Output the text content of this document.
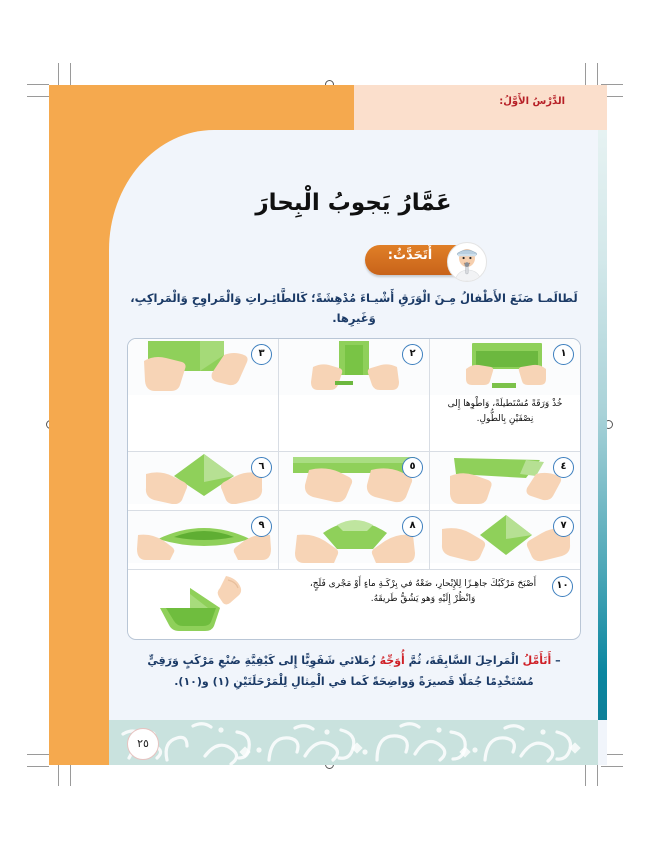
الدَّرْسُ الأَوَّلُ:
عَمَّارُ يَجوبُ الْبِحارَ
أَتَحَدَّثُ:
لَطالَمـا صَنَعَ الأَطْفالُ مِـنَ الْوَرَقِ أَشْيـاءَ مُدْهِشَةً؛ كَالطَّائِـراتِ وَالْمَراوِحِ وَالْمَراكِبِ، وَغَيرِها.
١
خُذْ وَرَقَةً مُسْتَطيلَةً، وَاطْوِها إِلى نِصْفَيْنِ بِالطُّولِ.
٢
٣
٤
٥
٦
٧
٨
٩
١٠
أَصْبَحَ مَرْكَبُكَ جاهِـزًا لِلإِبْحارِ، ضَعْهُ في بِرْكَـةِ ماءٍ أَوْ مَجْرى فَلَجٍ، وَانْظُرْ إِلَيْهِ وَهو يَشُقُّ طَريقَهُ.
– أَتَأَمَّلُ الْمَراحِلَ السَّابِقَةَ، ثُمَّ أُوَجِّهُ زُمَلائي شَفَوِيًّا إِلى كَيْفِيَّةِ صُنْعِ مَرْكَبٍ وَرَقِيٍّ مُسْتَخْدِمًا جُمَلًا قَصيرَةً وَواضِحَةً كَما في الْمِثالِ لِلْمَرْحَلَتَيْنِ (١) و(١٠).
٢٥
